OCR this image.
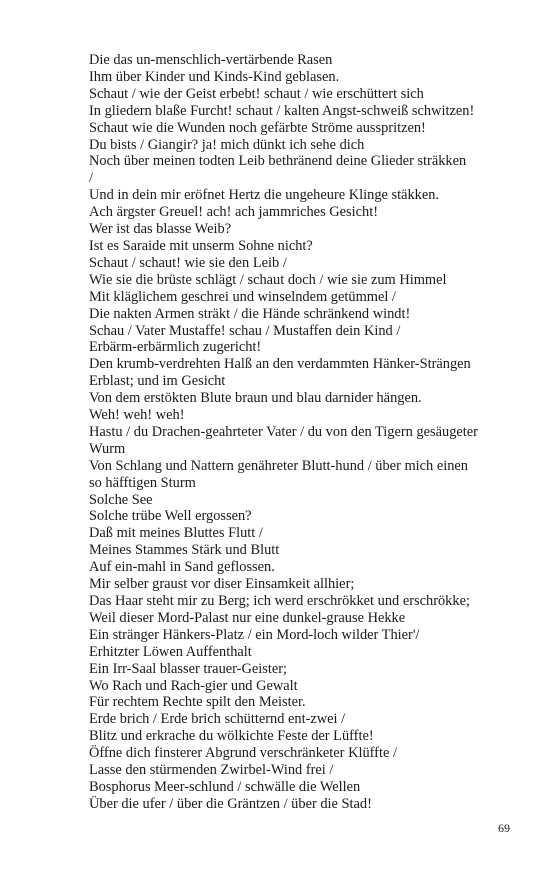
Die das un-menschlich-vertärbende Rasen
Ihm über Kinder und Kinds-Kind geblasen.
Schaut / wie der Geist erbebt! schaut / wie erschüttert sich
In gliedern blaße Furcht! schaut / kalten Angst-schweiß schwitzen!
Schaut wie die Wunden noch gefärbte Ströme ausspritzen!
Du bists / Giangir? ja! mich dünkt ich sehe dich
Noch über meinen todten Leib bethränend deine Glieder sträkken
/
Und in dein mir eröfnet Hertz die ungeheure Klinge stäkken.
Ach ärgster Greuel! ach! ach jammriches Gesicht!
Wer ist das blasse Weib?
Ist es Saraide mit unserm Sohne nicht?
Schaut / schaut! wie sie den Leib /
Wie sie die brüste schlägt / schaut doch / wie sie zum Himmel
Mit kläglichem geschrei und winselndem getümmel /
Die nakten Armen sträkt / die Hände schränkend windt!
Schau / Vater Mustaffe! schau / Mustaffen dein Kind /
Erbärm-erbärmlich zugericht!
Den krumb-verdrehten Halß an den verdammten Hänker-Strängen
Erblast; und im Gesicht
Von dem erstökten Blute braun und blau darnider hängen.
Weh! weh! weh!
Hastu / du Drachen-geahrteter Vater / du von den Tigern gesäugeter
Wurm
Von Schlang und Nattern genähreter Blutt-hund / über mich einen
so häfftigen Sturm
Solche See
Solche trübe Well ergossen?
Daß mit meines Bluttes Flutt /
Meines Stammes Stärk und Blutt
Auf ein-mahl in Sand geflossen.
Mir selber graust vor diser Einsamkeit allhier;
Das Haar steht mir zu Berg; ich werd erschrökket und erschrökke;
Weil dieser Mord-Palast nur eine dunkel-grause Hekke
Ein stränger Hänkers-Platz / ein Mord-loch wilder Thier'/
Erhitzter Löwen Auffenthalt
Ein Irr-Saal blasser trauer-Geister;
Wo Rach und Rach-gier und Gewalt
Für rechtem Rechte spilt den Meister.
Erde brich / Erde brich schütternd ent-zwei /
Blitz und erkrache du wölkichte Feste der Lüffte!
Öffne dich finsterer Abgrund verschränketer Klüffte /
Lasse den stürmenden Zwirbel-Wind frei /
Bosphorus Meer-schlund / schwälle die Wellen
Über die ufer / über die Gräntzen / über die Stad!
69
